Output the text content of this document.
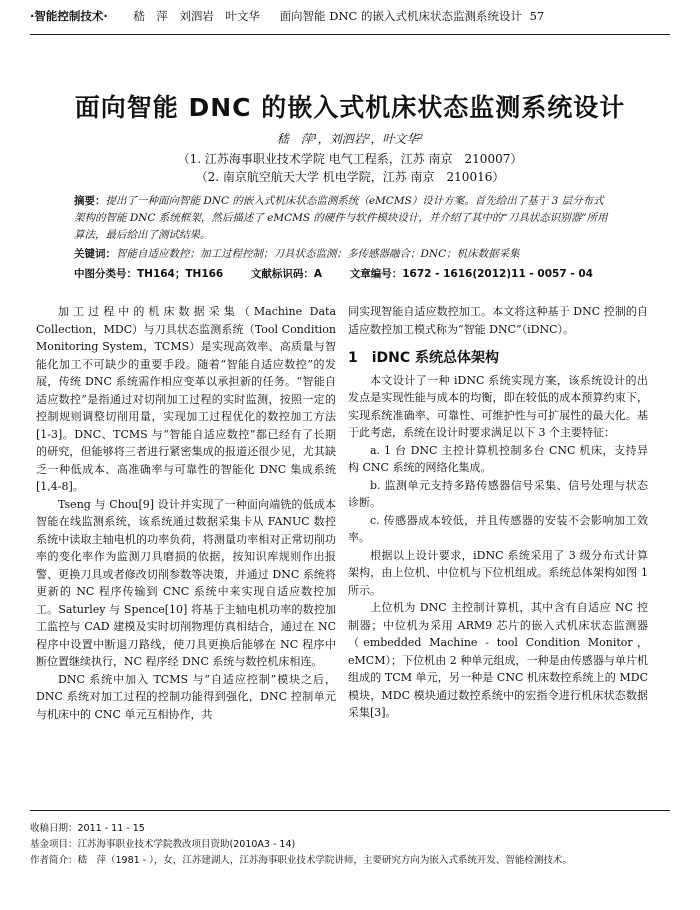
·智能控制技术· 嵇　萍　刘泗岩　叶文华 面向智能 DNC 的嵌入式机床状态监测系统设计 57
面向智能 DNC 的嵌入式机床状态监测系统设计
嵇　萍¹，刘泗岩²，叶文华²
（1. 江苏海事职业技术学院 电气工程系，江苏 南京　210007）
（2. 南京航空航天大学 机电学院，江苏 南京　210016）
摘要：提出了一种面向智能 DNC 的嵌入式机床状态监测系统（eMCMS）设计方案。首先给出了基于 3 层分布式架构的智能 DNC 系统框架，然后描述了 eMCMS 的硬件与软件模块设计，并介绍了其中的“刀具状态识别器”所用算法，最后给出了测试结果。
关键词：智能自适应数控；加工过程控制；刀具状态监测；多传感器融合；DNC；机床数据采集
中图分类号：TH164；TH166	文献标识码：A	文章编号：1672 - 1616(2012)11 - 0057 - 04

加工过程中的机床数据采集（Machine Data Collection，MDC）与刀具状态监测系统（Tool Condition Monitoring System，TCMS）是实现高效率、高质量与智能化加工不可缺少的重要手段。随着“智能自适应数控”的发展，传统 DNC 系统需作相应变革以承担新的任务。“智能自适应数控”是指通过对切削加工过程的实时监测，按照一定的控制规则调整切削用量，实现加工过程优化的数控加工方法[1-3]。DNC、TCMS 与“智能自适应数控”都已经有了长期的研究，但能够将三者进行紧密集成的报道还很少见，尤其缺乏一种低成本、高准确率与可靠性的智能化 DNC 集成系统[1,4-8]。

Tseng 与 Chou[9] 设计并实现了一种面向端铣的低成本智能在线监测系统，该系统通过数据采集卡从 FANUC 数控系统中读取主轴电机的功率负荷，将测量功率相对正常切削功率的变化率作为监测刀具磨损的依据，按知识库规则作出报警、更换刀具或者修改切削参数等决策，并通过 DNC 系统将更新的 NC 程序传输到 CNC 系统中来实现自适应数控加工。Saturley 与 Spence[10] 将基于主轴电机功率的数控加工监控与 CAD 建模及实时切削物理仿真相结合，通过在 NC 程序中设置中断退刀路线，使刀具更换后能够在 NC 程序中断位置继续执行，NC 程序经 DNC 系统与数控机床相连。

DNC 系统中加入 TCMS 与“自适应控制”模块之后，DNC 系统对加工过程的控制功能得到强化，DNC 控制单元与机床中的 CNC 单元互相协作，共

同实现智能自适应数控加工。本文将这种基于 DNC 控制的自适应数控加工模式称为“智能 DNC”（iDNC）。

1　iDNC 系统总体架构

本文设计了一种 iDNC 系统实现方案，该系统设计的出发点是实现性能与成本的均衡，即在较低的成本预算约束下，实现系统准确率、可靠性、可维护性与可扩展性的最大化。基于此考虑，系统在设计时要求满足以下 3 个主要特征：

a. 1 台 DNC 主控计算机控制多台 CNC 机床，支持异构 CNC 系统的网络化集成。

b. 监测单元支持多路传感器信号采集、信号处理与状态诊断。

c. 传感器成本较低，并且传感器的安装不会影响加工效率。

根据以上设计要求，iDNC 系统采用了 3 级分布式计算架构，由上位机、中位机与下位机组成。系统总体架构如图 1 所示。

上位机为 DNC 主控制计算机，其中含有自适应 NC 控制器；中位机为采用 ARM9 芯片的嵌入式机床状态监测器（embedded Machine - tool Condition Monitor，eMCM）；下位机由 2 种单元组成，一种是由传感器与单片机组成的 TCM 单元，另一种是 CNC 机床数控系统上的 MDC 模块，MDC 模块通过数控系统中的宏指令进行机床状态数据采集[3]。

收稿日期：2011 - 11 - 15
基金项目：江苏海事职业技术学院教改项目资助(2010A3 - 14)
作者简介：嵇　萍（1981 - ），女，江苏建湖人，江苏海事职业技术学院讲师，主要研究方向为嵌入式系统开发、智能检测技术。
